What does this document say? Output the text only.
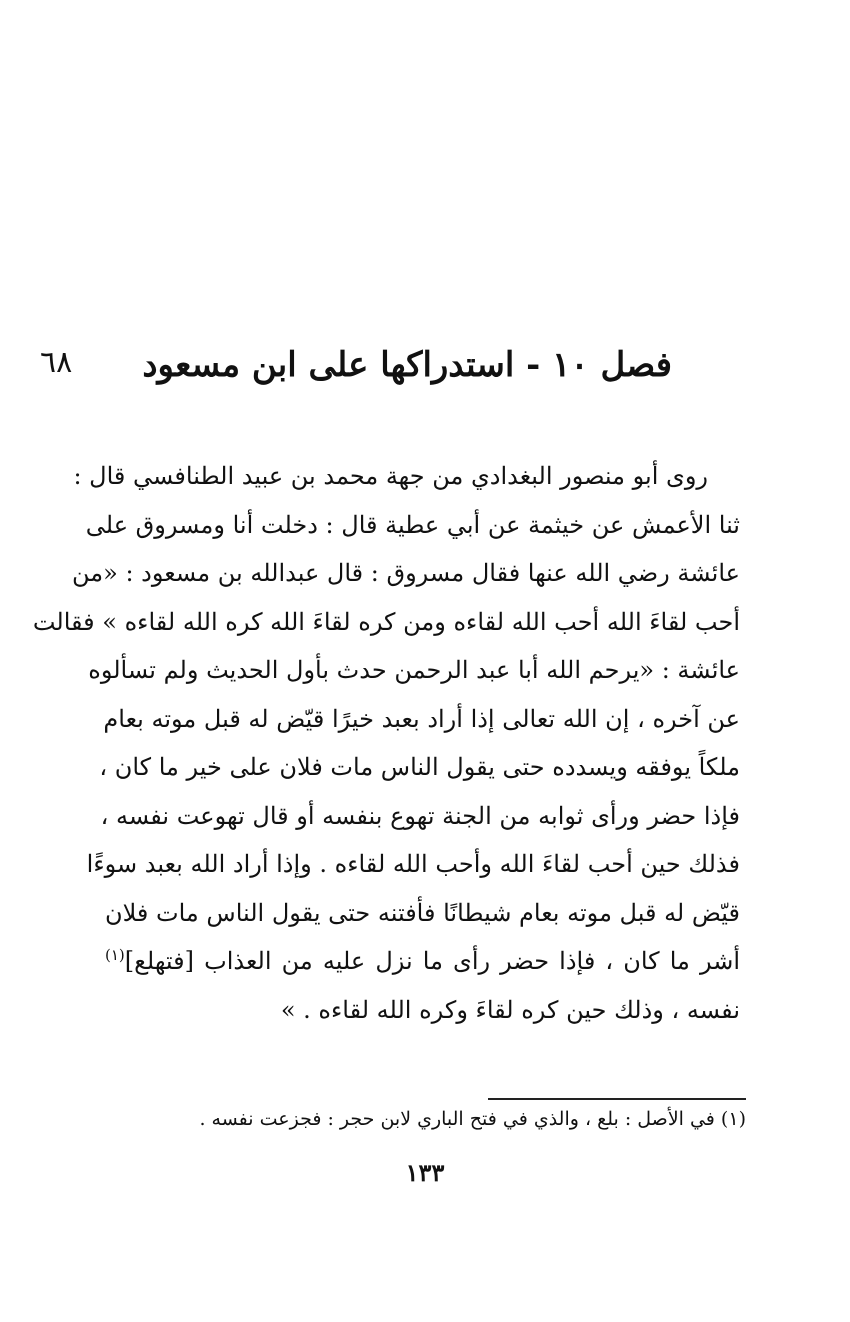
٦٨	فصل ١٠ - استدراكها على ابن مسعود
روى أبو منصور البغدادي من جهة محمد بن عبيد الطنافسي قال :
ثنا الأعمش عن خيثمة عن أبي عطية قال : دخلت أنا ومسروق على
عائشة رضي الله عنها فقال مسروق : قال عبدالله بن مسعود : «من
أحب لقاءَ الله أحب الله لقاءه ومن كره لقاءَ الله كره الله لقاءه » فقالت
عائشة : «يرحم الله أبا عبد الرحمن حدث بأول الحديث ولم تسألوه
عن آخره ، إن الله تعالى إذا أراد بعبد خيرًا قيّض له قبل موته بعام
ملكاً يوفقه ويسدده حتى يقول الناس مات فلان على خير ما كان ،
فإذا حضر ورأى ثوابه من الجنة تهوع بنفسه أو قال تهوعت نفسه ،
فذلك حين أحب لقاءَ الله وأحب الله لقاءه . وإذا أراد الله بعبد سوءًا
قيّض له قبل موته بعام شيطانًا فأفتنه حتى يقول الناس مات فلان
أشر ما كان ، فإذا حضر رأى ما نزل عليه من العذاب [فتهلع]$^{(١)}$
نفسه ، وذلك حين كره لقاءَ وكره الله لقاءه . »
(١) في الأصل : بلع ، والذي في فتح الباري لابن حجر : فجزعت نفسه .
١٣٣
